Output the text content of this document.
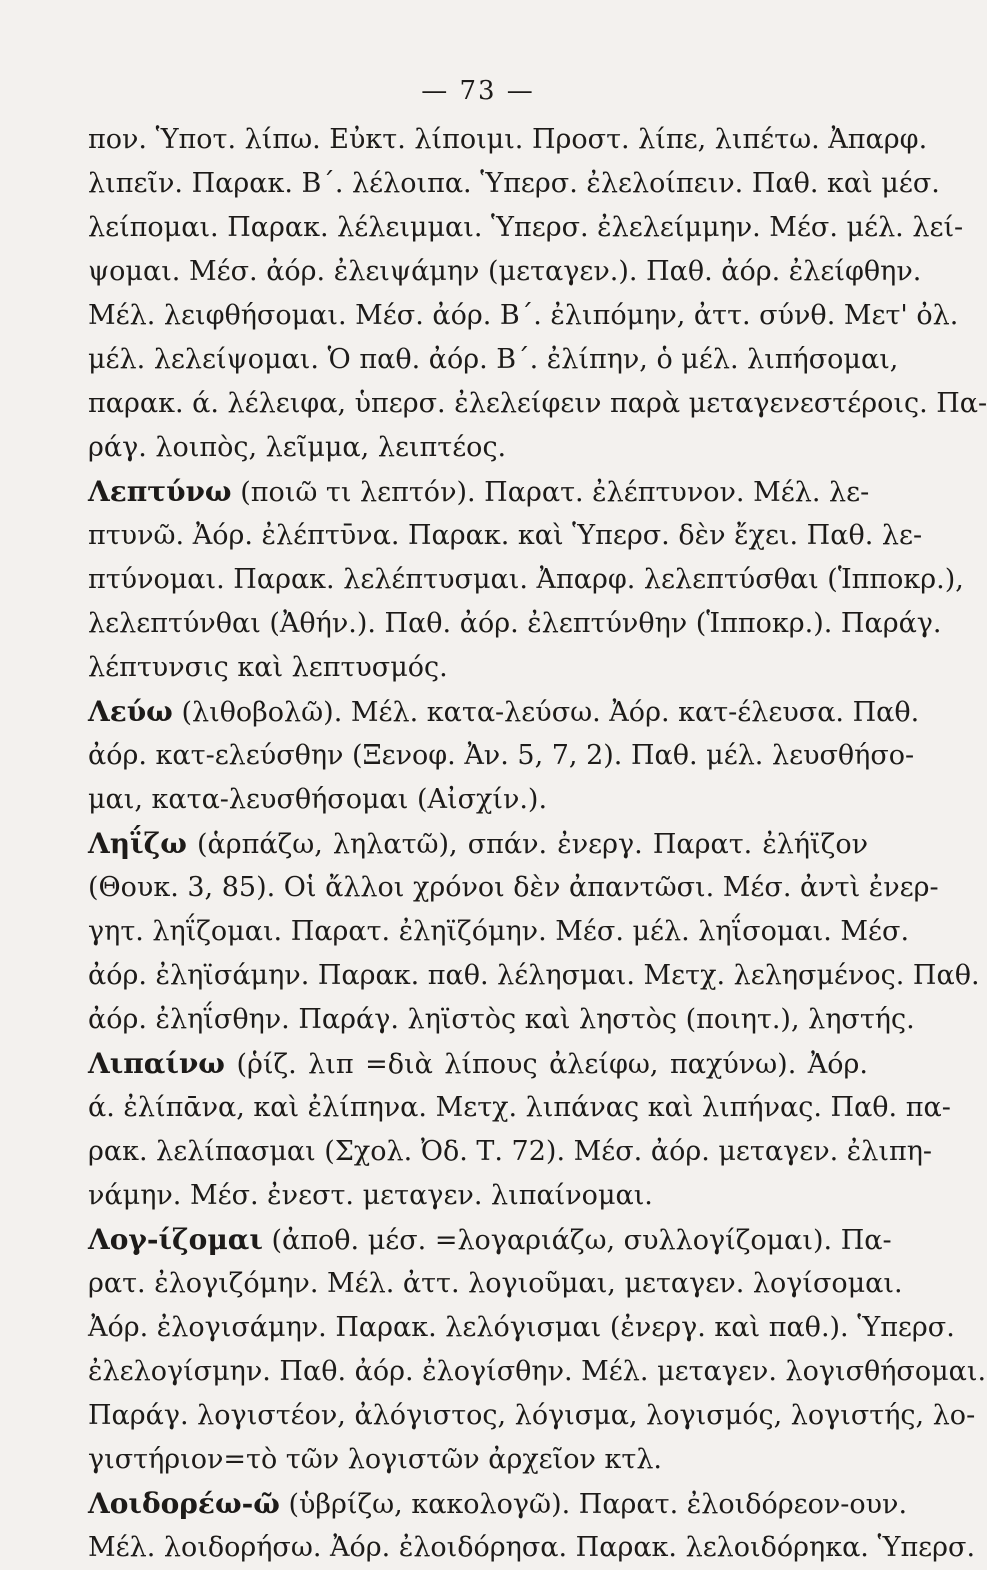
— 73 —
πον. Ὑποτ. λίπω. Εὐκτ. λίποιμι. Προστ. λίπε, λιπέτω. Ἀπαρφ.
λιπεῖν. Παρακ. Β΄. λέλοιπα. Ὑπερσ. ἐλελοίπειν. Παθ. καὶ μέσ.
λείπομαι. Παρακ. λέλειμμαι. Ὑπερσ. ἐλελείμμην. Μέσ. μέλ. λεί-
ψομαι. Μέσ. ἀόρ. ἐλειψάμην (μεταγεν.). Παθ. ἀόρ. ἐλείφθην.
Μέλ. λειφθήσομαι. Μέσ. ἀόρ. Β΄. ἐλιπόμην, ἀττ. σύνθ. Μετ' ὀλ.
μέλ. λελείψομαι. Ὁ παθ. ἀόρ. Β΄. ἐλίπην, ὁ μέλ. λιπήσομαι,
παρακ. ά. λέλειφα, ὑπερσ. ἐλελείφειν παρὰ μεταγενεστέροις. Πα-
ράγ. λοιπὸς, λεῖμμα, λειπτέος.
Λεπτύνω (ποιῶ τι λεπτόν). Παρατ. ἐλέπτυνον. Μέλ. λε-
πτυνῶ. Ἀόρ. ἐλέπτῡνα. Παρακ. καὶ Ὑπερσ. δὲν ἔχει. Παθ. λε-
πτύνομαι. Παρακ. λελέπτυσμαι. Ἀπαρφ. λελεπτύσθαι (Ἱπποκρ.),
λελεπτύνθαι (Ἀθήν.). Παθ. ἀόρ. ἐλεπτύνθην (Ἱπποκρ.). Παράγ.
λέπτυνσις καὶ λεπτυσμός.
Λεύω (λιθοβολῶ). Μέλ. κατα-λεύσω. Ἀόρ. κατ-έλευσα. Παθ.
ἀόρ. κατ-ελεύσθην (Ξενοφ. Ἀν. 5, 7, 2). Παθ. μέλ. λευσθήσο-
μαι, κατα-λευσθήσομαι (Αἰσχίν.).
Ληΐζω (ἁρπάζω, ληλατῶ), σπάν. ἐνεργ. Παρατ. ἐλήϊζον
(Θουκ. 3, 85). Οἱ ἄλλοι χρόνοι δὲν ἀπαντῶσι. Μέσ. ἀντὶ ἐνερ-
γητ. ληΐζομαι. Παρατ. ἐληϊζόμην. Μέσ. μέλ. ληΐσομαι. Μέσ.
ἀόρ. ἐληϊσάμην. Παρακ. παθ. λέλησμαι. Μετχ. λελησμένος. Παθ.
ἀόρ. ἐληΐσθην. Παράγ. ληϊστὸς καὶ ληστὸς (ποιητ.), ληστής.
Λιπαίνω (ῥίζ. λιπ =διὰ λίπους ἀλείφω, παχύνω). Ἀόρ.
ά. ἐλίπᾱνα, καὶ ἐλίπηνα. Μετχ. λιπάνας καὶ λιπήνας. Παθ. πα-
ρακ. λελίπασμαι (Σχολ. Ὀδ. Τ. 72). Μέσ. ἀόρ. μεταγεν. ἐλιπη-
νάμην. Μέσ. ἐνεστ. μεταγεν. λιπαίνομαι.
Λογ-ίζομαι (ἀποθ. μέσ. =λογαριάζω, συλλογίζομαι). Πα-
ρατ. ἐλογιζόμην. Μέλ. ἀττ. λογιοῦμαι, μεταγεν. λογίσομαι.
Ἀόρ. ἐλογισάμην. Παρακ. λελόγισμαι (ἐνεργ. καὶ παθ.). Ὑπερσ.
ἐλελογίσμην. Παθ. ἀόρ. ἐλογίσθην. Μέλ. μεταγεν. λογισθήσομαι.
Παράγ. λογιστέον, ἀλόγιστος, λόγισμα, λογισμός, λογιστής, λο-
γιστήριον=τὸ τῶν λογιστῶν ἀρχεῖον κτλ.
Λοιδορέω-ῶ (ὑβρίζω, κακολογῶ). Παρατ. ἐλοιδόρεον-ουν.
Μέλ. λοιδορήσω. Ἀόρ. ἐλοιδόρησα. Παρακ. λελοιδόρηκα. Ὑπερσ.
